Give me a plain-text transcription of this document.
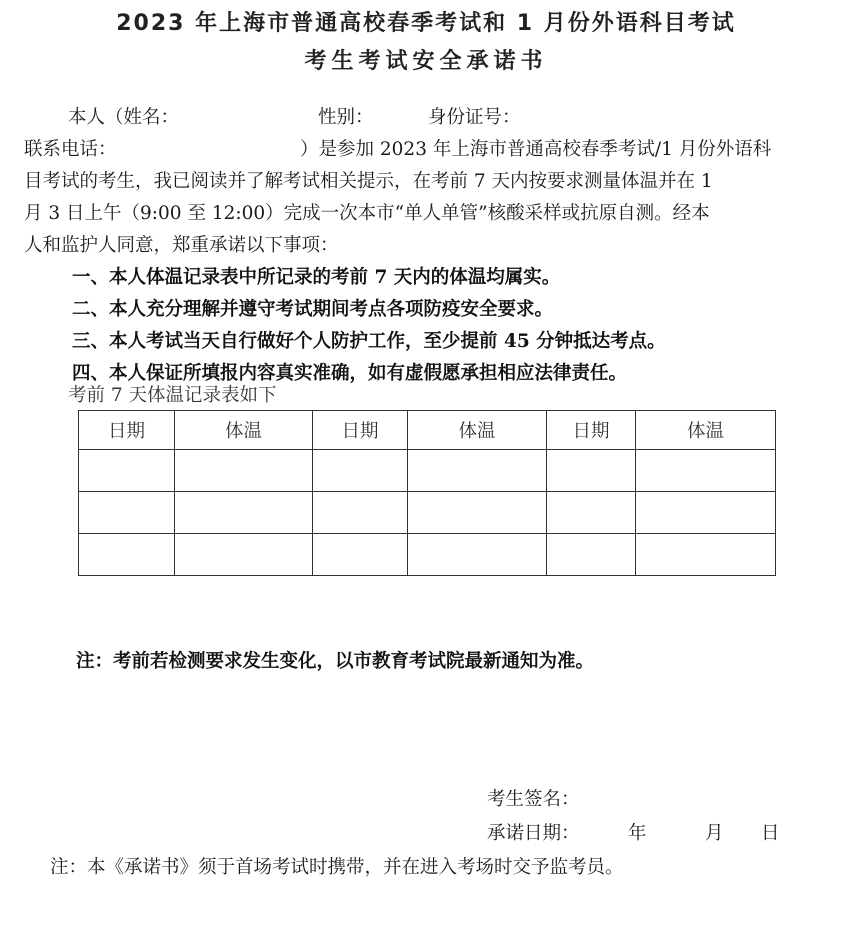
2023 年上海市普通高校春季考试和 1 月份外语科目考试
考生考试安全承诺书
本人（姓名：	性别：	身份证号：
联系电话：	）是参加 2023 年上海市普通高校春季考试/1 月份外语科
目考试的考生，我已阅读并了解考试相关提示，在考前 7 天内按要求测量体温并在 1
月 3 日上午（9:00 至 12:00）完成一次本市“单人单管”核酸采样或抗原自测。经本
人和监护人同意，郑重承诺以下事项：
一、本人体温记录表中所记录的考前 7 天内的体温均属实。
二、本人充分理解并遵守考试期间考点各项防疫安全要求。
三、本人考试当天自行做好个人防护工作，至少提前 45 分钟抵达考点。
四、本人保证所填报内容真实准确，如有虚假愿承担相应法律责任。
考前 7 天体温记录表如下
日期	体温	日期	体温	日期	体温

注：考前若检测要求发生变化，以市教育考试院最新通知为准。
考生签名：
承诺日期：	年	月 日
注：本《承诺书》须于首场考试时携带，并在进入考场时交予监考员。
